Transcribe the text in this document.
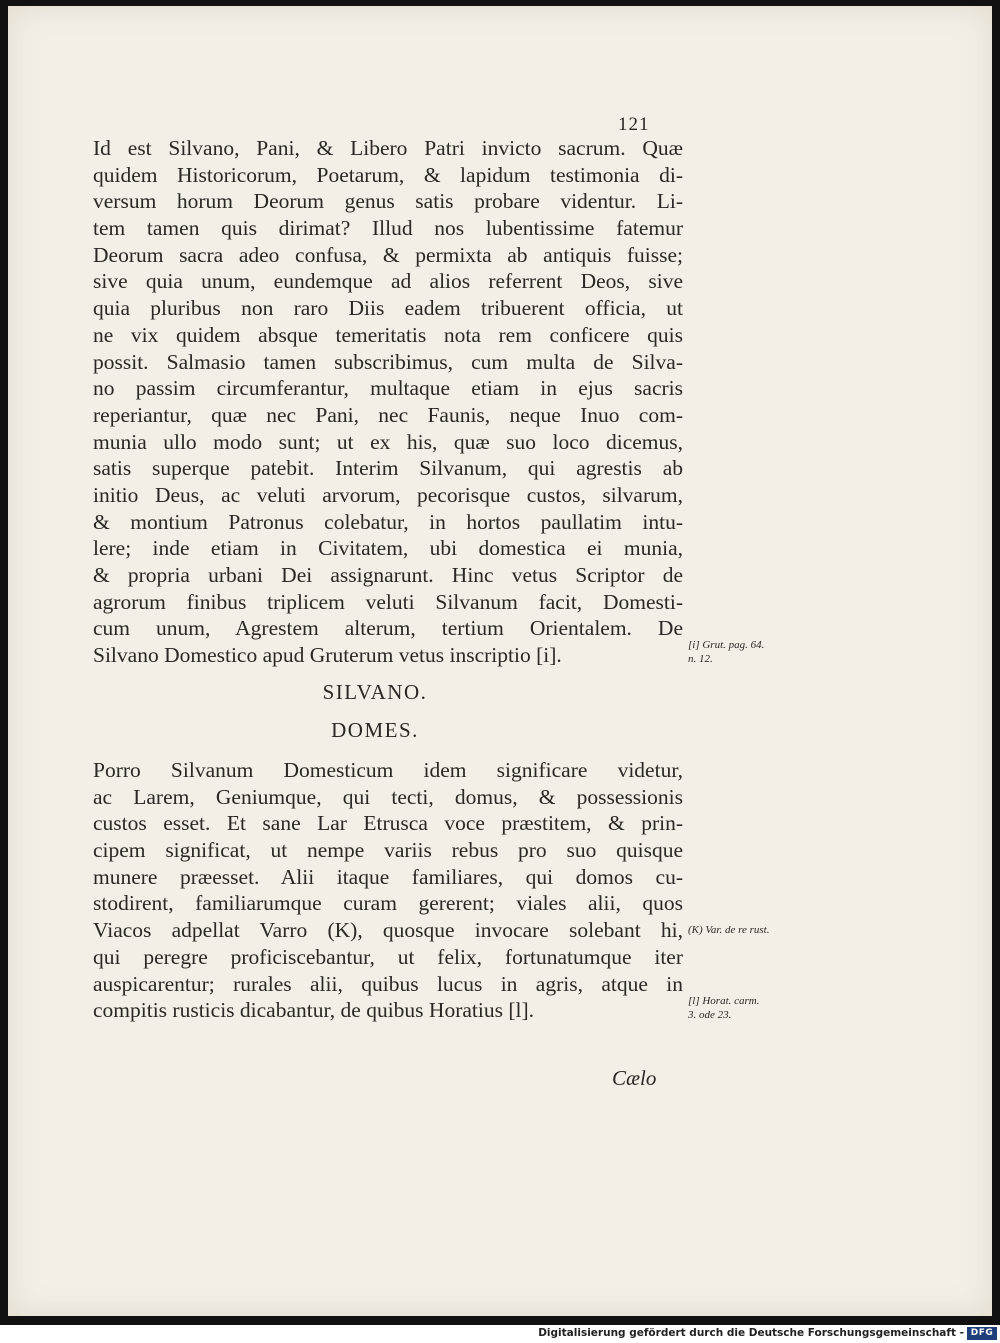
121
Id est Silvano, Pani, & Libero Patri invicto sacrum. Quæ
quidem Historicorum, Poetarum, & lapidum testimonia di-
versum horum Deorum genus satis probare videntur. Li-
tem tamen quis dirimat? Illud nos lubentissime fatemur
Deorum sacra adeo confusa, & permixta ab antiquis fuisse;
sive quia unum, eundemque ad alios referrent Deos, sive
quia pluribus non raro Diis eadem tribuerent officia, ut
ne vix quidem absque temeritatis nota rem conficere quis
possit. Salmasio tamen subscribimus, cum multa de Silva-
no passim circumferantur, multaque etiam in ejus sacris
reperiantur, quæ nec Pani, nec Faunis, neque Inuo com-
munia ullo modo sunt; ut ex his, quæ suo loco dicemus,
satis superque patebit. Interim Silvanum, qui agrestis ab
initio Deus, ac veluti arvorum, pecorisque custos, silvarum,
& montium Patronus colebatur, in hortos paullatim intu-
lere; inde etiam in Civitatem, ubi domestica ei munia,
& propria urbani Dei assignarunt. Hinc vetus Scriptor de
agrorum finibus triplicem veluti Silvanum facit, Domesti-
cum unum, Agrestem alterum, tertium Orientalem. De
Silvano Domestico apud Gruterum vetus inscriptio [i].
SILVANO.
DOMES.
Porro Silvanum Domesticum idem significare videtur,
ac Larem, Geniumque, qui tecti, domus, & possessionis
custos esset. Et sane Lar Etrusca voce præstitem, & prin-
cipem significat, ut nempe variis rebus pro suo quisque
munere præesset. Alii itaque familiares, qui domos cu-
stodirent, familiarumque curam gererent; viales alii, quos
Viacos adpellat Varro (K), quosque invocare solebant hi,
qui peregre proficiscebantur, ut felix, fortunatumque iter
auspicarentur; rurales alii, quibus lucus in agris, atque in
compitis rusticis dicabantur, de quibus Horatius [l].
[i] Grut. pag. 64.
n. 12.
(K) Var. de re rust.
[l] Horat. carm.
3. ode 23.
Cælo
Digitalisierung gefördert durch die Deutsche Forschungsgemeinschaft - DFG
